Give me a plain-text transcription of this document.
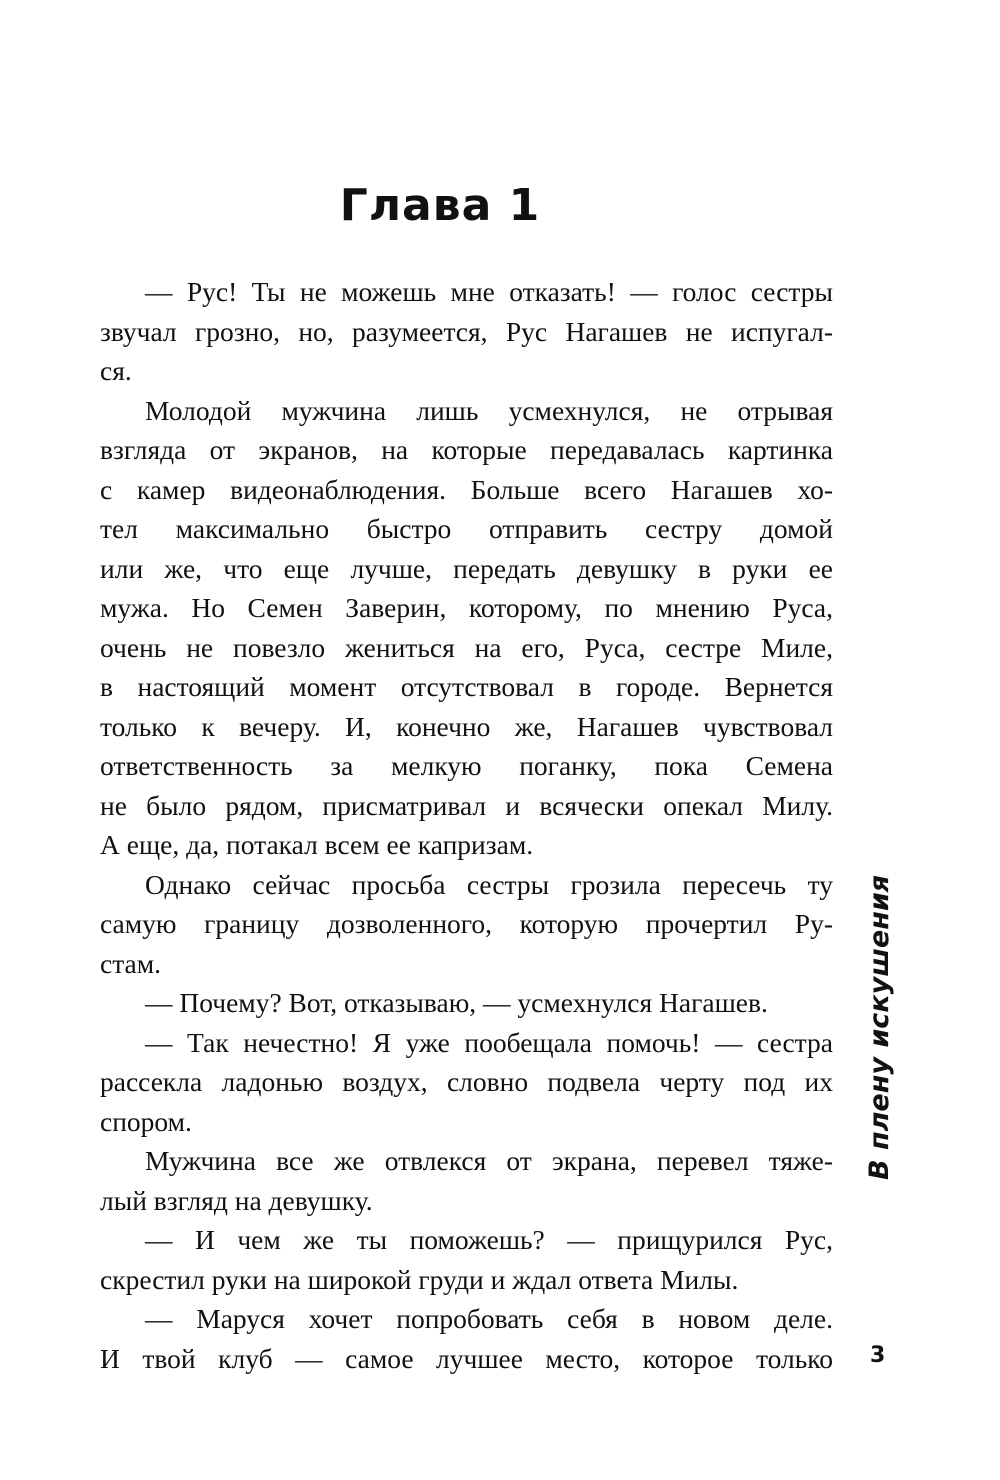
Глава 1
— Рус! Ты не можешь мне отказать! — голос сестры
звучал грозно, но, разумеется, Рус Нагашев не испугал-
ся.
Молодой мужчина лишь усмехнулся, не отрывая
взгляда от экранов, на которые передавалась картинка
с камер видеонаблюдения. Больше всего Нагашев хо-
тел максимально быстро отправить сестру домой
или же, что еще лучше, передать девушку в руки ее
мужа. Но Семен Заверин, которому, по мнению Руса,
очень не повезло жениться на его, Руса, сестре Миле,
в настоящий момент отсутствовал в городе. Вернется
только к вечеру. И, конечно же, Нагашев чувствовал
ответственность за мелкую поганку, пока Семена
не было рядом, присматривал и всячески опекал Милу.
А еще, да, потакал всем ее капризам.
Однако сейчас просьба сестры грозила пересечь ту
самую границу дозволенного, которую прочертил Ру-
стам.
— Почему? Вот, отказываю, — усмехнулся Нагашев.
— Так нечестно! Я уже пообещала помочь! — сестра
рассекла ладонью воздух, словно подвела черту под их
спором.
Мужчина все же отвлекся от экрана, перевел тяже-
лый взгляд на девушку.
— И чем же ты поможешь? — прищурился Рус,
скрестил руки на широкой груди и ждал ответа Милы.
— Маруся хочет попробовать себя в новом деле.
И твой клуб — самое лучшее место, которое только
В плену искушения
3
